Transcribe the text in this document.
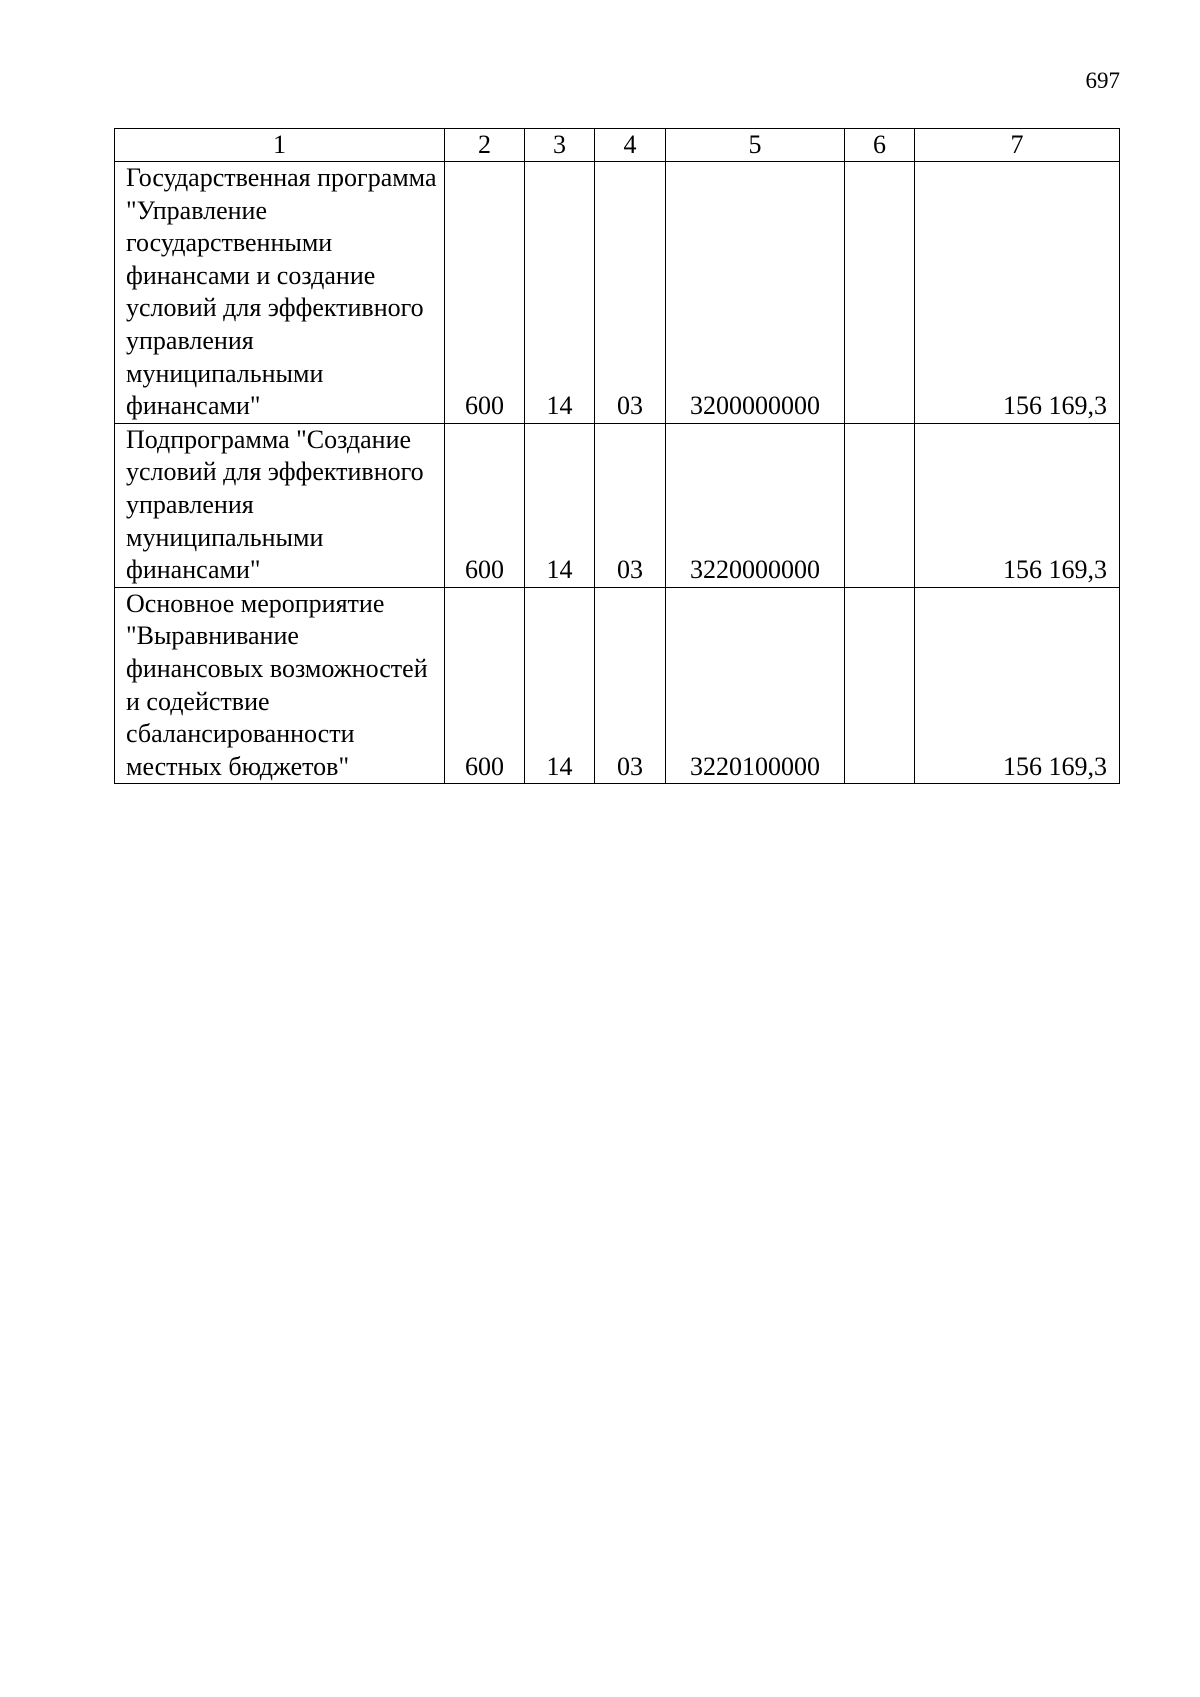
697
1	2	3	4	5	6	7
Государственная программа "Управление государственными финансами и создание условий для эффективного управления муниципальными финансами"	600	14	03	3200000000		156 169,3
Подпрограмма "Создание условий для эффективного управления муниципальными финансами"	600	14	03	3220000000		156 169,3
Основное мероприятие "Выравнивание финансовых возможностей и содействие сбалансированности местных бюджетов"	600	14	03	3220100000		156 169,3
